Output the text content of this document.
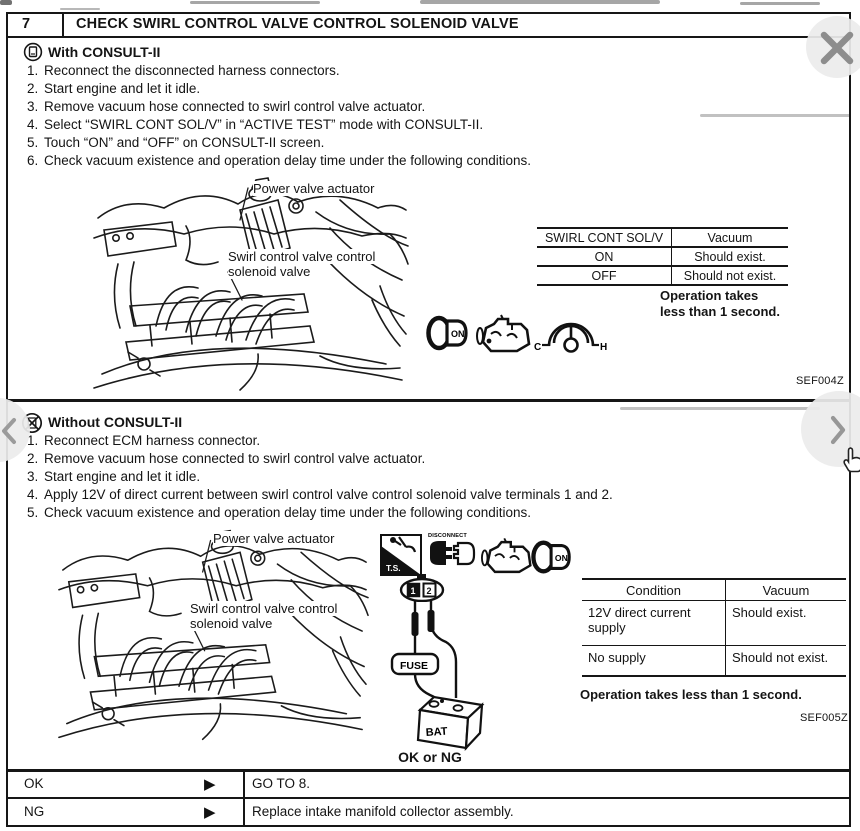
7	CHECK SWIRL CONTROL VALVE CONTROL SOLENOID VALVE
With CONSULT-II
1. Reconnect the disconnected harness connectors.
2. Start engine and let it idle.
3. Remove vacuum hose connected to swirl control valve actuator.
4. Select “SWIRL CONT SOL/V” in “ACTIVE TEST” mode with CONSULT-II.
5. Touch “ON” and “OFF” on CONSULT-II screen.
6. Check vacuum existence and operation delay time under the following conditions.
Power valve actuator
Swirl control valve control
solenoid valve
SWIRL CONT SOL/V	Vacuum
ON	Should exist.
OFF	Should not exist.
Operation takes
less than 1 second.
ON
C	H
SEF004Z
Without CONSULT-II
1. Reconnect ECM harness connector.
2. Remove vacuum hose connected to swirl control valve actuator.
3. Start engine and let it idle.
4. Apply 12V of direct current between swirl control valve control solenoid valve terminals 1 and 2.
5. Check vacuum existence and operation delay time under the following conditions.
Power valve actuator
Swirl control valve control
solenoid valve
T.S.
DISCONNECT
ON
1 2
FUSE
BAT
Condition	Vacuum
12V direct current supply	Should exist.
No supply	Should not exist.
Operation takes less than 1 second.
SEF005Z
OK or NG
OK	▶	GO TO 8.
NG	▶	Replace intake manifold collector assembly.
